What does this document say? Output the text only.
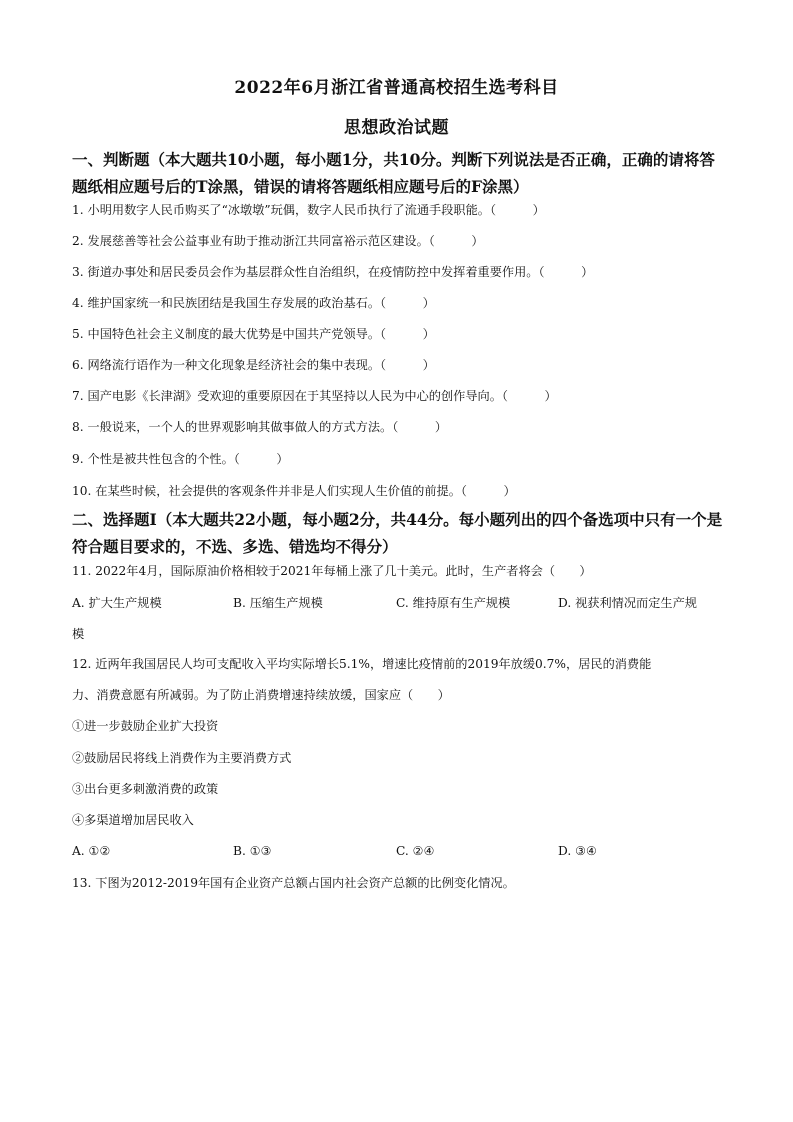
2022年6月浙江省普通高校招生选考科目
思想政治试题
一、判断题（本大题共10小题，每小题1分，共10分。判断下列说法是否正确，正确的请将答题纸相应题号后的T涂黑，错误的请将答题纸相应题号后的F涂黑）
1. 小明用数字人民币购买了“冰墩墩”玩偶，数字人民币执行了流通手段职能。（　　　）
2. 发展慈善等社会公益事业有助于推动浙江共同富裕示范区建设。（　　　）
3. 街道办事处和居民委员会作为基层群众性自治组织，在疫情防控中发挥着重要作用。（　　　）
4. 维护国家统一和民族团结是我国生存发展的政治基石。（　　　）
5. 中国特色社会主义制度的最大优势是中国共产党领导。（　　　）
6. 网络流行语作为一种文化现象是经济社会的集中表现。（　　　）
7. 国产电影《长津湖》受欢迎的重要原因在于其坚持以人民为中心的创作导向。（　　　）
8. 一般说来，一个人的世界观影响其做事做人的方式方法。（　　　）
9. 个性是被共性包含的个性。（　　　）
10. 在某些时候，社会提供的客观条件并非是人们实现人生价值的前提。（　　　）
二、选择题Ⅰ（本大题共22小题，每小题2分，共44分。每小题列出的四个备选项中只有一个是符合题目要求的，不选、多选、错选均不得分）
11. 2022年4月，国际原油价格相较于2021年每桶上涨了几十美元。此时，生产者将会（　　）
A. 扩大生产规模	B. 压缩生产规模	C. 维持原有生产规模	D. 视获利情况而定生产规
模
12. 近两年我国居民人均可支配收入平均实际增长5.1%，增速比疫情前的2019年放缓0.7%，居民的消费能
力、消费意愿有所减弱。为了防止消费增速持续放缓，国家应（　　）
①进一步鼓励企业扩大投资
②鼓励居民将线上消费作为主要消费方式
③出台更多刺激消费的政策
④多渠道增加居民收入
A. ①②	B. ①③	C. ②④	D. ③④
13. 下图为2012-2019年国有企业资产总额占国内社会资产总额的比例变化情况。
